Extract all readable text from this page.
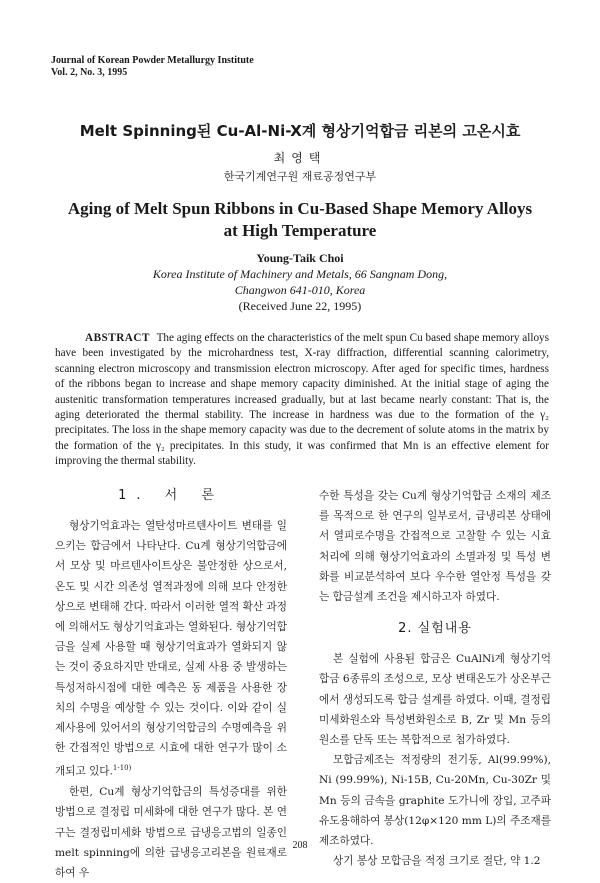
Journal of Korean Powder Metallurgy Institute
Vol. 2, No. 3, 1995
Melt Spinning된 Cu-Al-Ni-X계 형상기억합금 리본의 고온시효
최영택
한국기계연구원 재료공정연구부
Aging of Melt Spun Ribbons in Cu-Based Shape Memory Alloys at High Temperature
Young-Taik Choi
Korea Institute of Machinery and Metals, 66 Sangnam Dong,
Changwon 641-010, Korea
(Received June 22, 1995)
ABSTRACT The aging effects on the characteristics of the melt spun Cu based shape memory alloys have been investigated by the microhardness test, X-ray diffraction, differential scanning calorimetry, scanning electron microscopy and transmission electron microscopy. After aged for specific times, hardness of the ribbons began to increase and shape memory capacity diminished. At the initial stage of aging the austenitic transformation temperatures increased gradually, but at last became nearly constant: That is, the aging deteriorated the thermal stability. The increase in hardness was due to the formation of the γ₂ precipitates. The loss in the shape memory capacity was due to the decrement of solute atoms in the matrix by the formation of the γ₂ precipitates. In this study, it was confirmed that Mn is an effective element for improving the thermal stability.
1. 서 론

형상기억효과는 열탄성마르텐사이트 변태를 일으키는 합금에서 나타난다. Cu계 형상기억합금에서 모상 및 마르텐사이트상은 불안정한 상으로서, 온도 및 시간 의존성 열적과정에 의해 보다 안정한 상으로 변태해 간다. 따라서 이러한 열적 확산 과정에 의해서도 형상기억효과는 열화된다. 형상기억합금을 실제 사용할 때 형상기억효과가 열화되지 않는 것이 중요하지만 반대로, 실제 사용 중 발생하는 특성저하시점에 대한 예측은 동 제품을 사용한 장치의 수명을 예상할 수 있는 것이다. 이와 같이 실제사용에 있어서의 형상기억합금의 수명예측을 위한 간접적인 방법으로 시효에 대한 연구가 많이 소개되고 있다.$^{1-10)}$

한편, Cu계 형상기억합금의 특성증대를 위한 방법으로 결정립 미세화에 대한 연구가 많다. 본 연구는 결정립미세화 방법으로 급냉응고법의 일종인 melt spinning에 의한 급냉응고리본을 원료재로 하여 우

수한 특성을 갖는 Cu계 형상기억합금 소재의 제조를 목적으로 한 연구의 일부로서, 급냉리본 상태에서 열피로수명을 간접적으로 고찰할 수 있는 시효처리에 의해 형상기억효과의 소멸과정 및 특성 변화를 비교분석하여 보다 우수한 열안정 특성을 갖는 합금설계 조건을 제시하고자 하였다.

2. 실험내용

본 실험에 사용된 합금은 CuAlNi계 형상기억합금 6종류의 조성으로, 모상 변태온도가 상온부근에서 생성되도록 합금 설계를 하였다. 이때, 결정립미세화원소와 특성변화원소로 B, Zr 및 Mn 등의 원소를 단독 또는 복합적으로 첨가하였다.

모합금제조는 적정량의 전기동, Al(99.99%), Ni (99.99%), Ni-15B, Cu-20Mn, Cu-30Zr 및 Mn 등의 금속을 graphite 도가니에 장입, 고주파유도용해하여 봉상(12φ×120 mm L)의 주조재를 제조하였다.

상기 봉상 모합금을 적정 크기로 절단, 약 1.2

208
